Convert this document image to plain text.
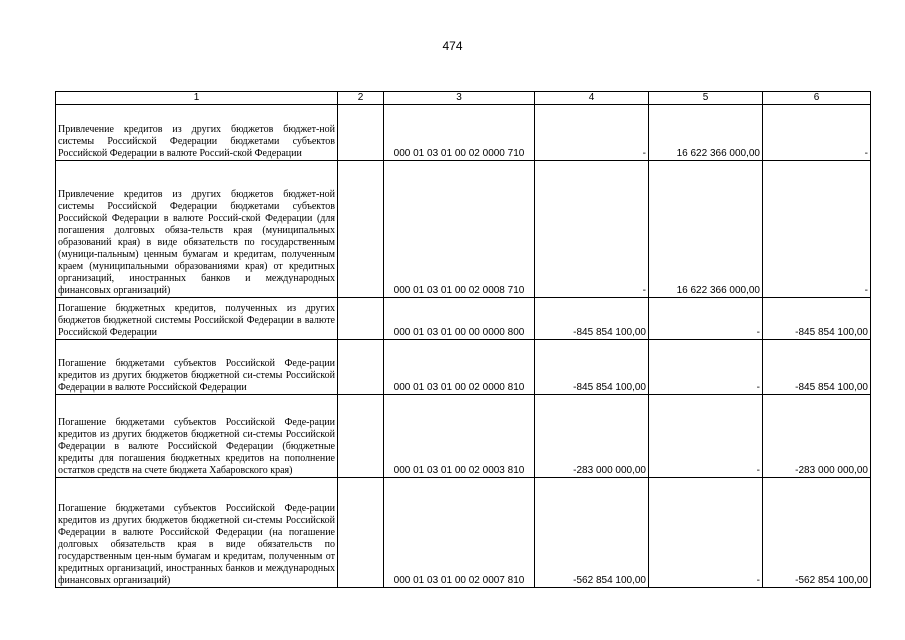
474
1	2	3	4	5	6
Привлечение кредитов из других бюджетов бюджет-ной системы Российской Федерации бюджетами субъектов Российской Федерации в валюте Россий-ской Федерации		000 01 03 01 00 02 0000 710	-	16 622 366 000,00	-
Привлечение кредитов из других бюджетов бюджет-ной системы Российской Федерации бюджетами субъектов Российской Федерации в валюте Россий-ской Федерации (для погашения долговых обяза-тельств края (муниципальных образований края) в виде обязательств по государственным (муници-пальным) ценным бумагам и кредитам, полученным краем (муниципальными образованиями края) от кредитных организаций, иностранных банков и международных финансовых организаций)		000 01 03 01 00 02 0008 710	-	16 622 366 000,00	-
Погашение бюджетных кредитов, полученных из других бюджетов бюджетной системы Российской Федерации в валюте Российской Федерации		000 01 03 01 00 00 0000 800	-845 854 100,00	-	-845 854 100,00
Погашение бюджетами субъектов Российской Феде-рации кредитов из других бюджетов бюджетной си-стемы Российской Федерации в валюте Российской Федерации		000 01 03 01 00 02 0000 810	-845 854 100,00	-	-845 854 100,00
Погашение бюджетами субъектов Российской Феде-рации кредитов из других бюджетов бюджетной си-стемы Российской Федерации в валюте Российской Федерации (бюджетные кредиты для погашения бюджетных кредитов на пополнение остатков средств на счете бюджета Хабаровского края)		000 01 03 01 00 02 0003 810	-283 000 000,00	-	-283 000 000,00
Погашение бюджетами субъектов Российской Феде-рации кредитов из других бюджетов бюджетной си-стемы Российской Федерации в валюте Российской Федерации (на погашение долговых обязательств края в виде обязательств по государственным цен-ным бумагам и кредитам, полученным от кредитных организаций, иностранных банков и международных финансовых организаций)		000 01 03 01 00 02 0007 810	-562 854 100,00	-	-562 854 100,00
